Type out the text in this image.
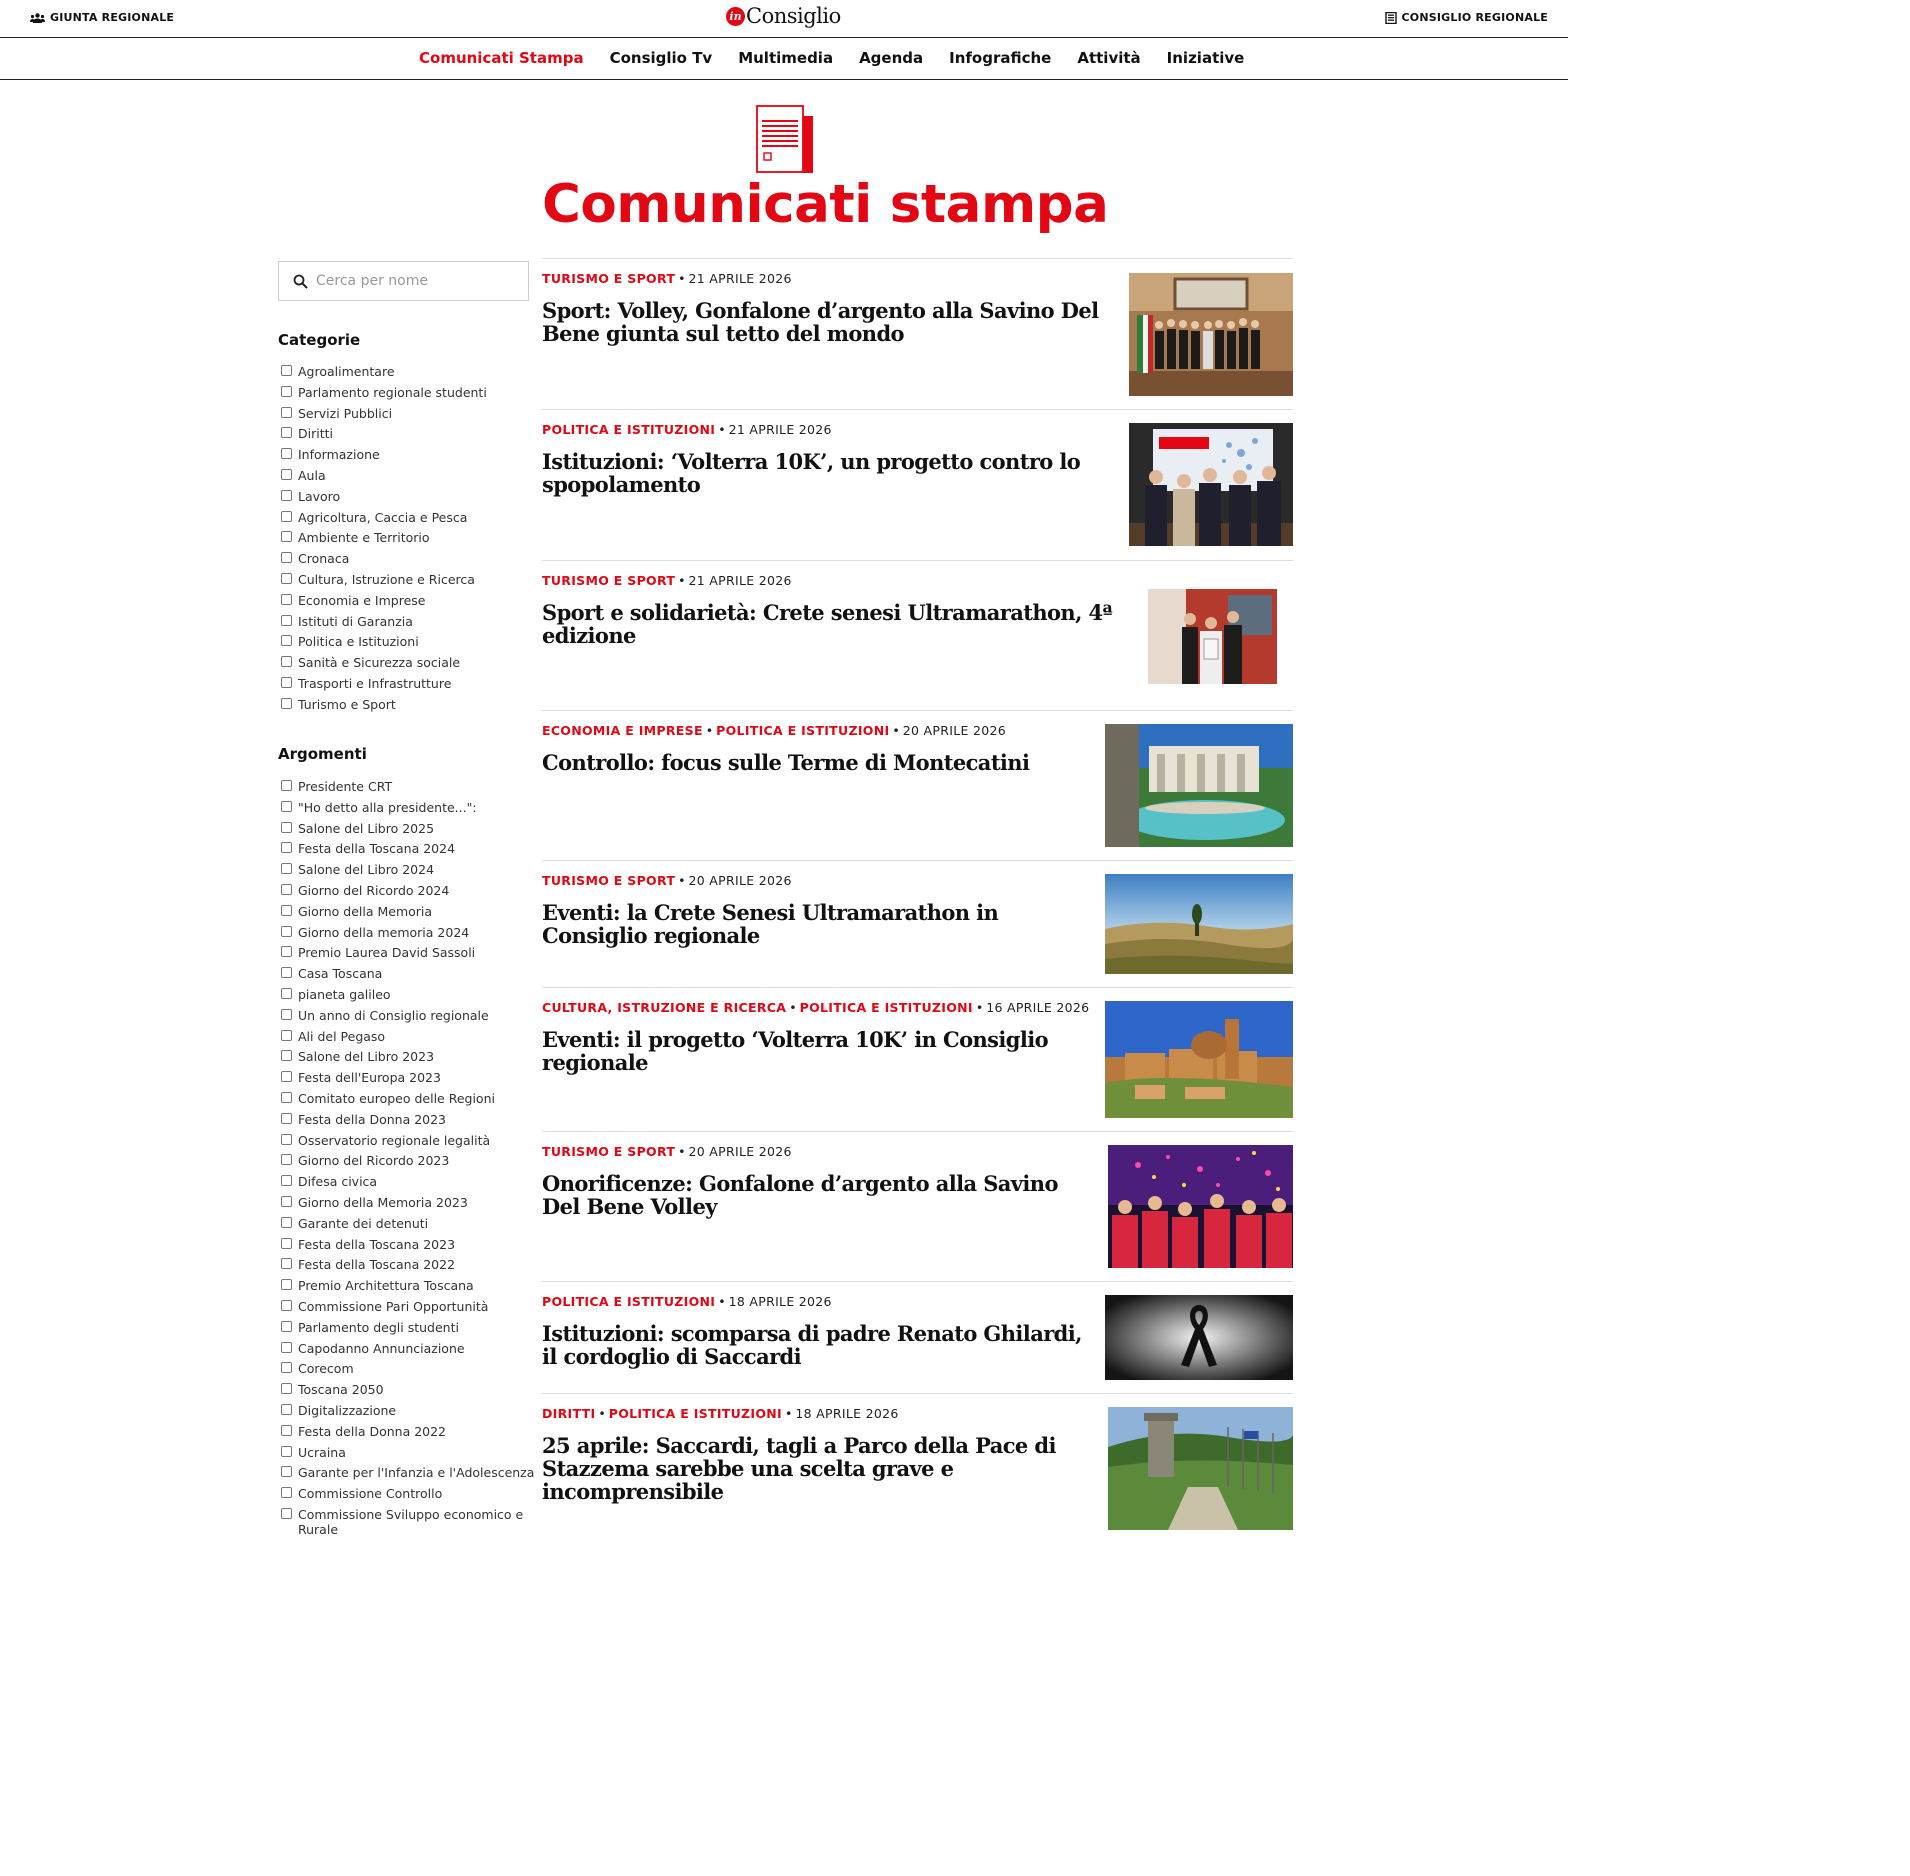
GIUNTA REGIONALE	in Consiglio	CONSIGLIO REGIONALE
Comunicati Stampa Consiglio Tv Multimedia Agenda Infografiche Attività Iniziative
Comunicati stampa
Cerca per nome
Categorie
Agroalimentare
Parlamento regionale studenti
Servizi Pubblici
Diritti
Informazione
Aula
Lavoro
Agricoltura, Caccia e Pesca
Ambiente e Territorio
Cronaca
Cultura, Istruzione e Ricerca
Economia e Imprese
Istituti di Garanzia
Politica e Istituzioni
Sanità e Sicurezza sociale
Trasporti e Infrastrutture
Turismo e Sport
Argomenti
Presidente CRT
"Ho detto alla presidente...":
Salone del Libro 2025
Festa della Toscana 2024
Salone del Libro 2024
Giorno del Ricordo 2024
Giorno della Memoria
Giorno della memoria 2024
Premio Laurea David Sassoli
Casa Toscana
pianeta galileo
Un anno di Consiglio regionale
Ali del Pegaso
Salone del Libro 2023
Festa dell'Europa 2023
Comitato europeo delle Regioni
Festa della Donna 2023
Osservatorio regionale legalità
Giorno del Ricordo 2023
Difesa civica
Giorno della Memoria 2023
Garante dei detenuti
Festa della Toscana 2023
Festa della Toscana 2022
Premio Architettura Toscana
Commissione Pari Opportunità
Parlamento degli studenti
Capodanno Annunciazione
Corecom
Toscana 2050
Digitalizzazione
Festa della Donna 2022
Ucraina
Garante per l'Infanzia e l'Adolescenza
Commissione Controllo
Commissione Sviluppo economico e Rurale
TURISMO E SPORT • 21 APRILE 2026
Sport: Volley, Gonfalone d’argento alla Savino Del Bene giunta sul tetto del mondo
POLITICA E ISTITUZIONI • 21 APRILE 2026
Istituzioni: ‘Volterra 10K’, un progetto contro lo spopolamento
TURISMO E SPORT • 21 APRILE 2026
Sport e solidarietà: Crete senesi Ultramarathon, 4ª edizione
ECONOMIA E IMPRESE • POLITICA E ISTITUZIONI • 20 APRILE 2026
Controllo: focus sulle Terme di Montecatini
TURISMO E SPORT • 20 APRILE 2026
Eventi: la Crete Senesi Ultramarathon in Consiglio regionale
CULTURA, ISTRUZIONE E RICERCA • POLITICA E ISTITUZIONI • 16 APRILE 2026
Eventi: il progetto ‘Volterra 10K’ in Consiglio regionale
TURISMO E SPORT • 20 APRILE 2026
Onorificenze: Gonfalone d’argento alla Savino Del Bene Volley
POLITICA E ISTITUZIONI • 18 APRILE 2026
Istituzioni: scomparsa di padre Renato Ghilardi, il cordoglio di Saccardi
DIRITTI • POLITICA E ISTITUZIONI • 18 APRILE 2026
25 aprile: Saccardi, tagli a Parco della Pace di Stazzema sarebbe una scelta grave e incomprensibile
